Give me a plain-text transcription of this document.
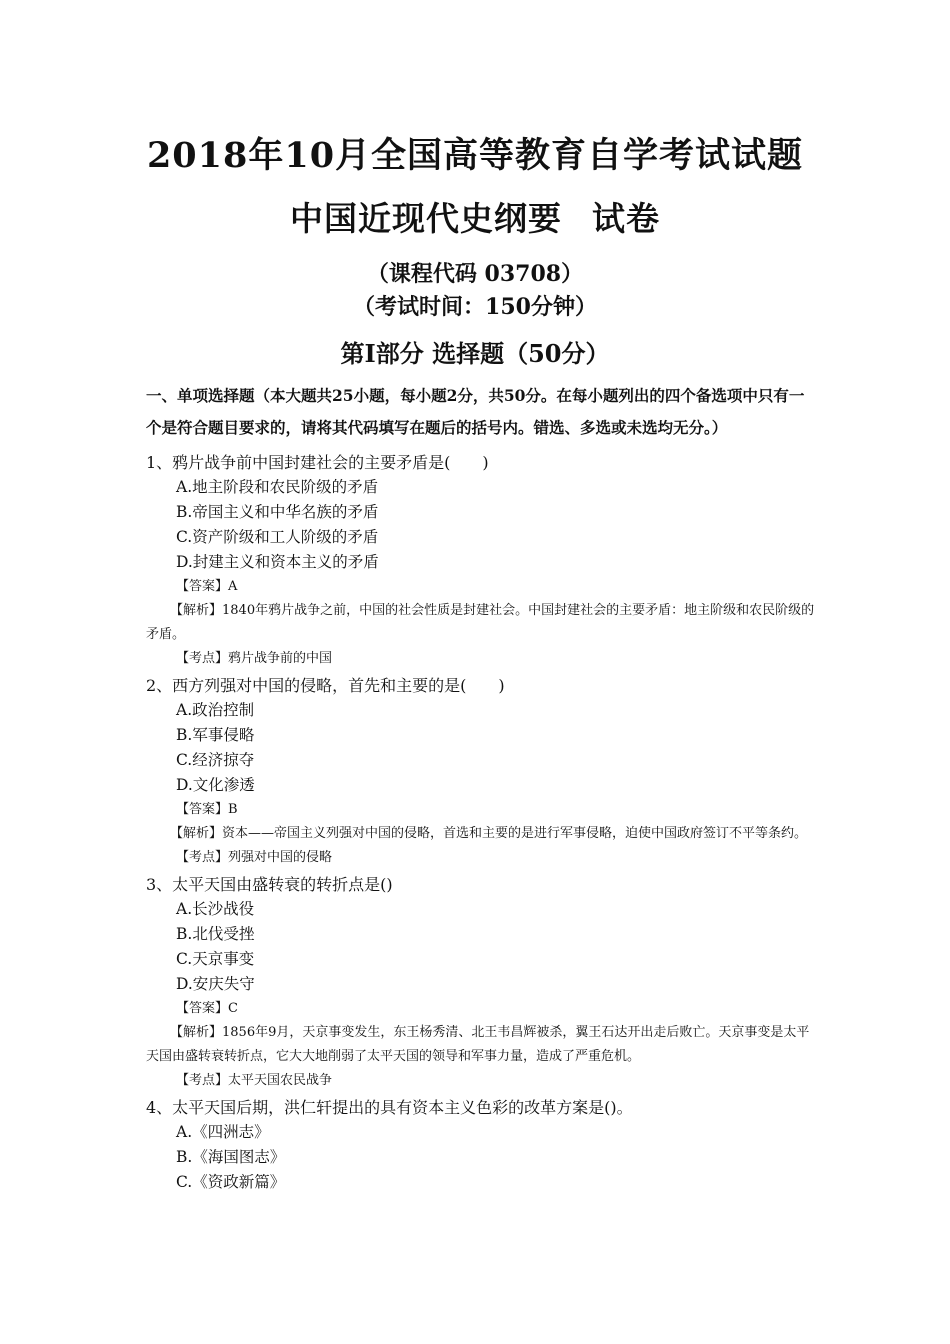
2018年10月全国高等教育自学考试试题
中国近现代史纲要 试卷
（课程代码 03708）
（考试时间：150分钟）
第Ⅰ部分 选择题（50分）
一、单项选择题（本大题共25小题，每小题2分，共50分。在每小题列出的四个备选项中只有一个是符合题目要求的，请将其代码填写在题后的括号内。错选、多选或未选均无分。）
1、鸦片战争前中国封建社会的主要矛盾是(　　)
A.地主阶段和农民阶级的矛盾
B.帝国主义和中华名族的矛盾
C.资产阶级和工人阶级的矛盾
D.封建主义和资本主义的矛盾
【答案】A
【解析】1840年鸦片战争之前，中国的社会性质是封建社会。中国封建社会的主要矛盾：地主阶级和农民阶级的矛盾。
【考点】鸦片战争前的中国
2、西方列强对中国的侵略，首先和主要的是(　　)
A.政治控制
B.军事侵略
C.经济掠夺
D.文化渗透
【答案】B
【解析】资本——帝国主义列强对中国的侵略，首选和主要的是进行军事侵略，迫使中国政府签订不平等条约。
【考点】列强对中国的侵略
3、太平天国由盛转衰的转折点是()
A.长沙战役
B.北伐受挫
C.天京事变
D.安庆失守
【答案】C
【解析】1856年9月，天京事变发生，东王杨秀清、北王韦昌辉被杀，翼王石达开出走后败亡。天京事变是太平天国由盛转衰转折点，它大大地削弱了太平天国的领导和军事力量，造成了严重危机。
【考点】太平天国农民战争
4、太平天国后期，洪仁轩提出的具有资本主义色彩的改革方案是()。
A.《四洲志》
B.《海国图志》
C.《资政新篇》
